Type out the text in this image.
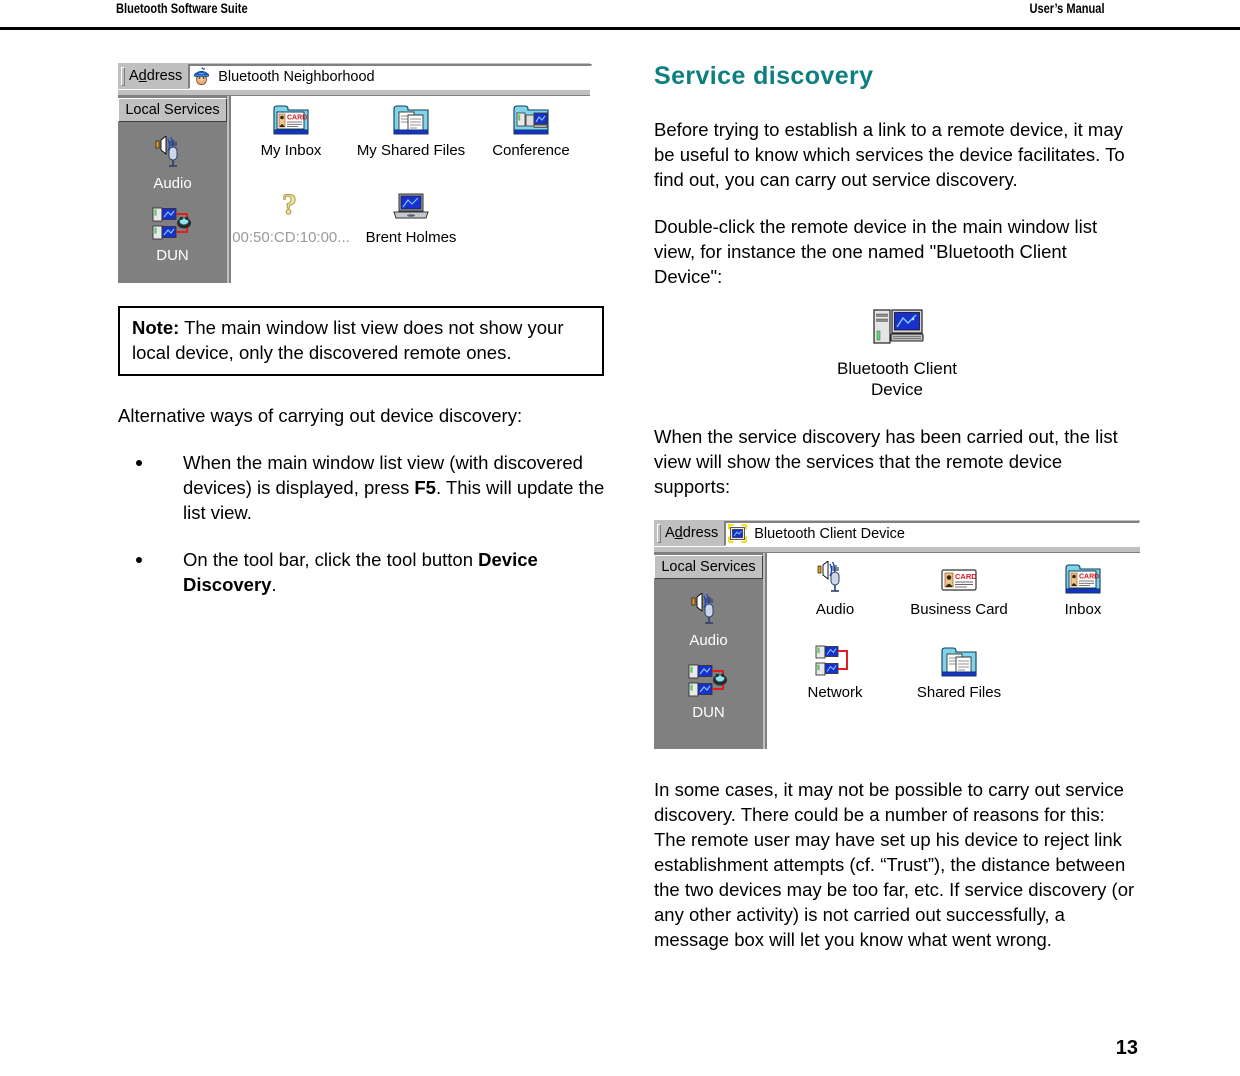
Bluetooth Software Suite	User’s Manual
Address	Bluetooth Neighborhood
Local Services
Audio
DUN
CARD
My Inbox My Shared Files Conference
?
00:50:CD:10:00... Brent Holmes
Note: The main window list view does not show your local device, only the discovered remote ones.

Alternative ways of carrying out device discovery:

When the main window list view (with discovered devices) is displayed, press F5. This will update the list view.
On the tool bar, click the tool button Device Discovery.
Service discovery

Before trying to establish a link to a remote device, it may be useful to know which services the device facilitates. To find out, you can carry out service discovery.

Double-click the remote device in the main window list view, for instance the one named "Bluetooth Client Device":

Bluetooth Client
Device

When the service discovery has been carried out, the list view will show the services that the remote device supports:

Address	Bluetooth Client Device
Local Services
Audio
DUN
Audio
CARD
Business Card
CARD
Inbox
Network	Shared Files

In some cases, it may not be possible to carry out service discovery. There could be a number of reasons for this: The remote user may have set up his device to reject link establishment attempts (cf. “Trust”), the distance between the two devices may be too far, etc. If service discovery (or any other activity) is not carried out successfully, a message box will let you know what went wrong.

13
